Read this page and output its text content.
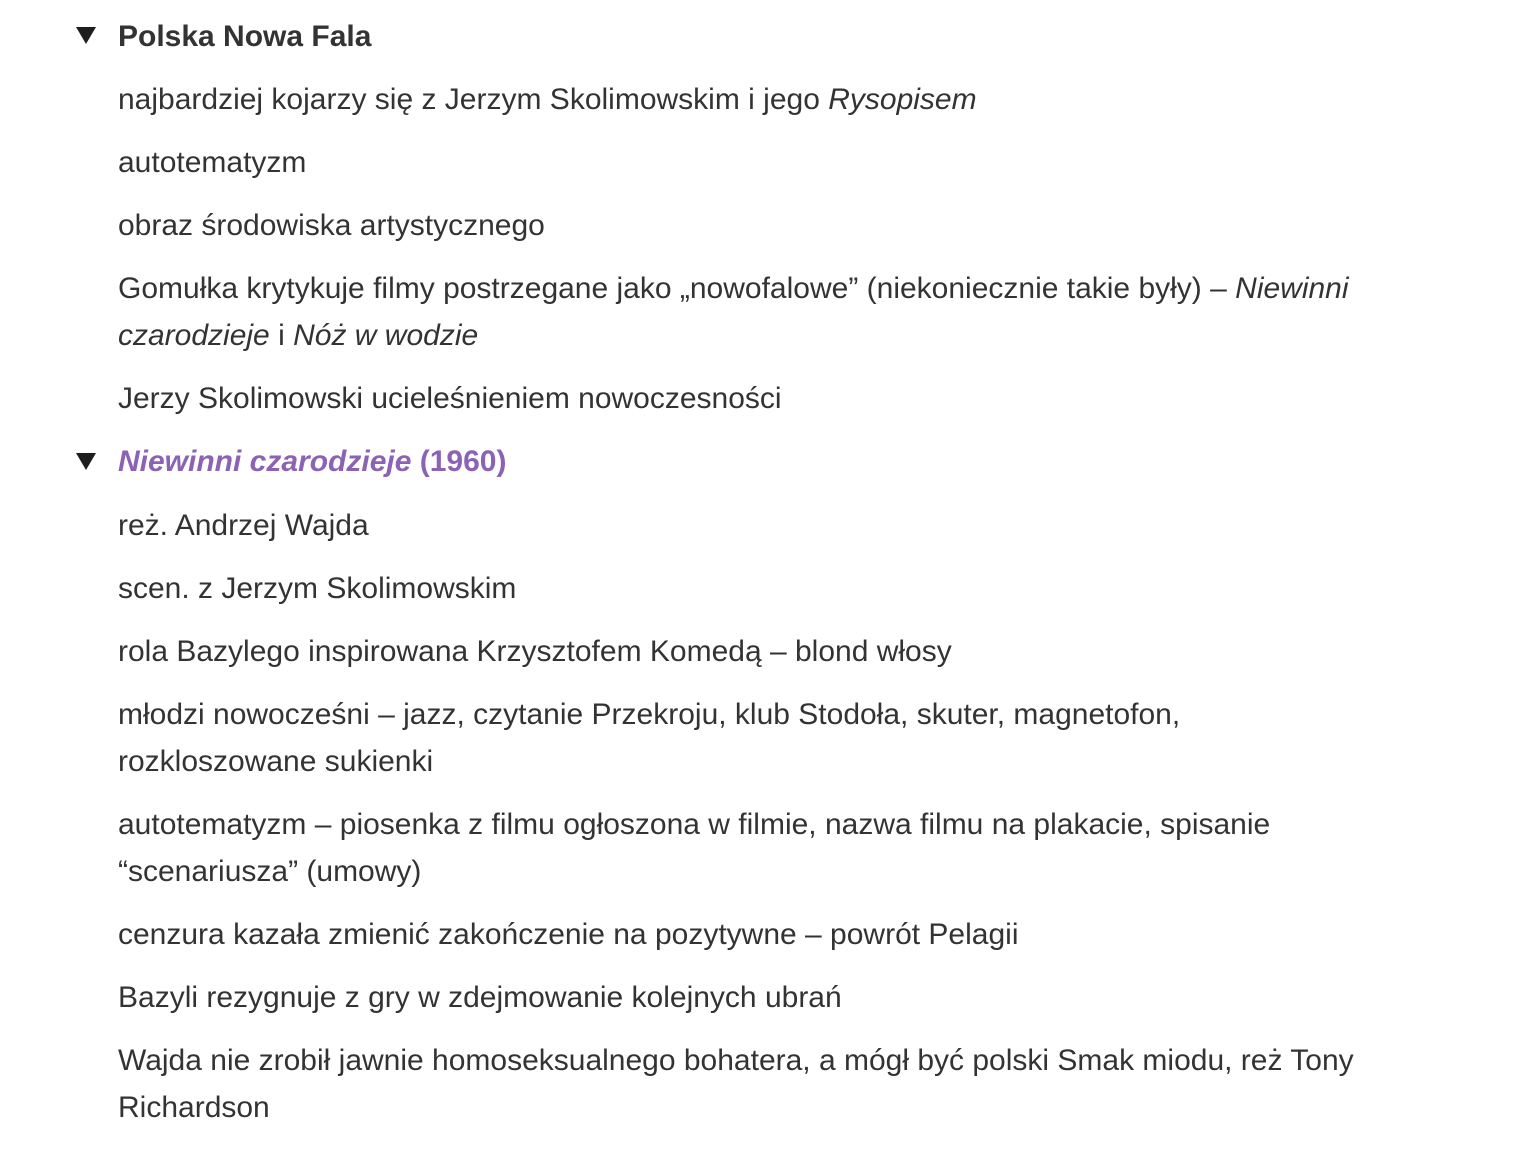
Polska Nowa Fala
najbardziej kojarzy się z Jerzym Skolimowskim i jego Rysopisem
autotematyzm
obraz środowiska artystycznego
Gomułka krytykuje filmy postrzegane jako „nowofalowe” (niekoniecznie takie były) – Niewinni czarodzieje i Nóż w wodzie
Jerzy Skolimowski ucieleśnieniem nowoczesności
Niewinni czarodzieje (1960)
reż. Andrzej Wajda
scen. z Jerzym Skolimowskim
rola Bazylego inspirowana Krzysztofem Komedą – blond włosy
młodzi nowocześni – jazz, czytanie Przekroju, klub Stodoła, skuter, magnetofon, rozkloszowane sukienki
autotematyzm – piosenka z filmu ogłoszona w filmie, nazwa filmu na plakacie, spisanie “scenariusza” (umowy)
cenzura kazała zmienić zakończenie na pozytywne – powrót Pelagii
Bazyli rezygnuje z gry w zdejmowanie kolejnych ubrań
Wajda nie zrobił jawnie homoseksualnego bohatera, a mógł być polski Smak miodu, reż Tony Richardson
